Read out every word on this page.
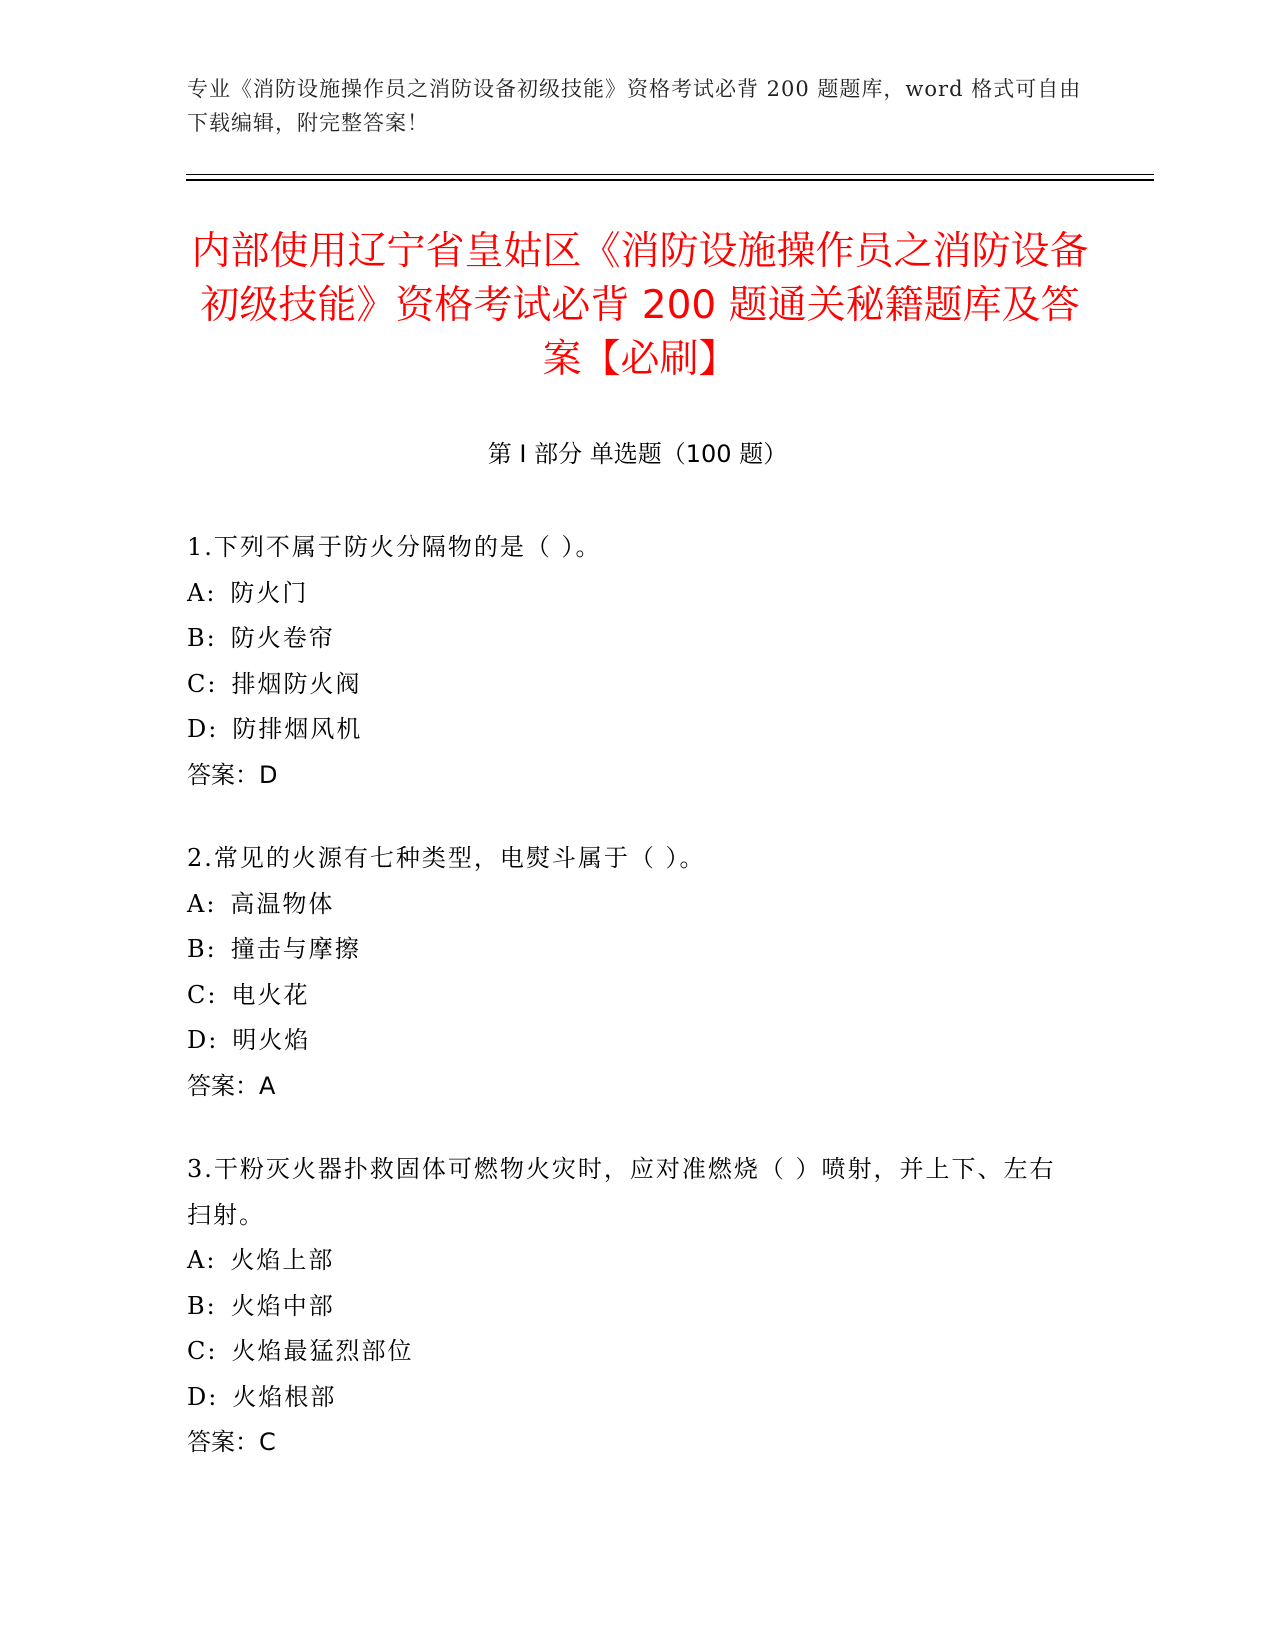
专业《消防设施操作员之消防设备初级技能》资格考试必背 200 题题库，word 格式可自由下载编辑，附完整答案！
内部使用辽宁省皇姑区《消防设施操作员之消防设备初级技能》资格考试必背 200 题通关秘籍题库及答案【必刷】
第 I 部分 单选题（100 题）
1.下列不属于防火分隔物的是（ ）。
A: 防火门
B: 防火卷帘
C: 排烟防火阀
D: 防排烟风机
答案：D
2.常见的火源有七种类型，电熨斗属于（ ）。
A: 高温物体
B: 撞击与摩擦
C: 电火花
D: 明火焰
答案：A
3.干粉灭火器扑救固体可燃物火灾时，应对准燃烧（ ）喷射，并上下、左右扫射。
A: 火焰上部
B: 火焰中部
C: 火焰最猛烈部位
D: 火焰根部
答案：C
